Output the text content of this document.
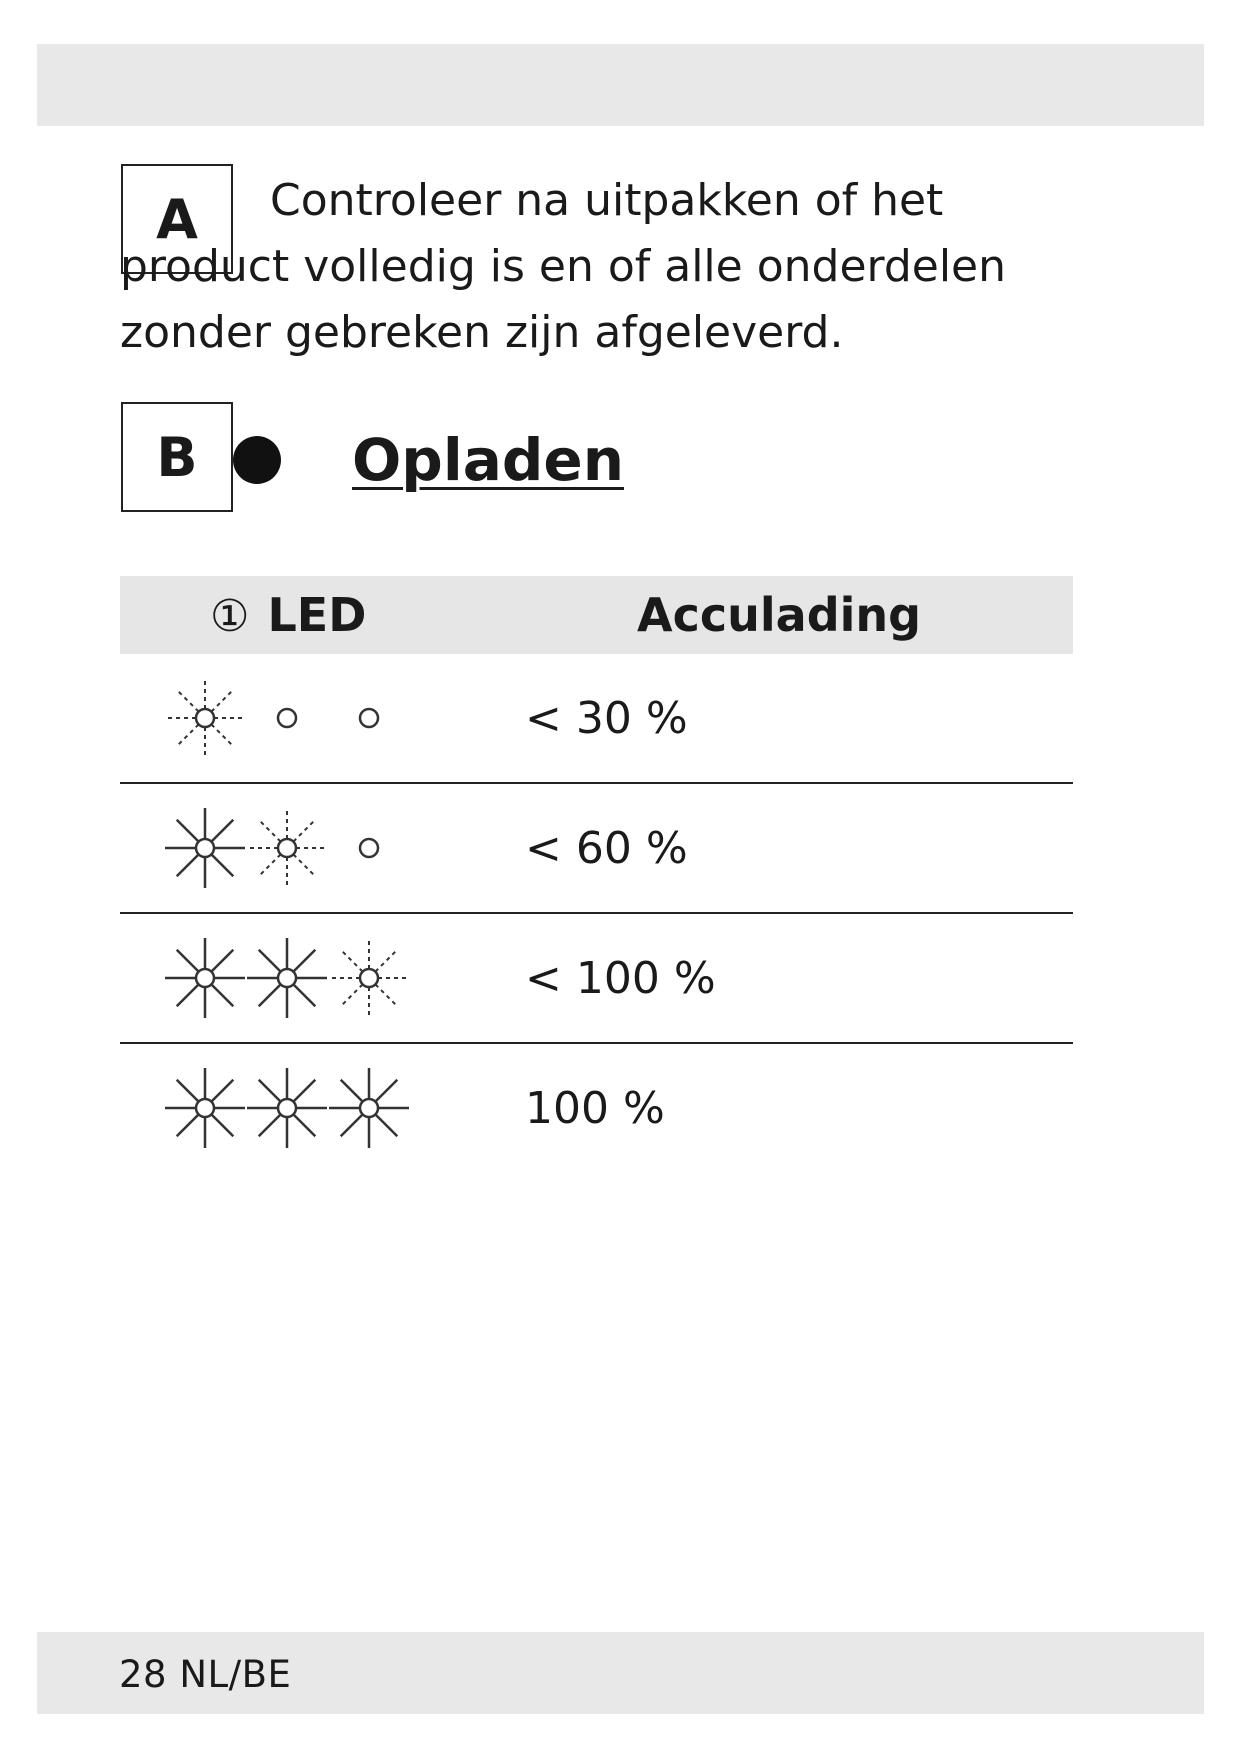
A	Controleer na uitpakken of het product volledig is en of alle onderdelen zonder gebreken zijn afgeleverd.

B	Opladen
① LED	Acculading

	< 30 %

	< 60 %

	< 100 %

	100 %
28 NL/BE
